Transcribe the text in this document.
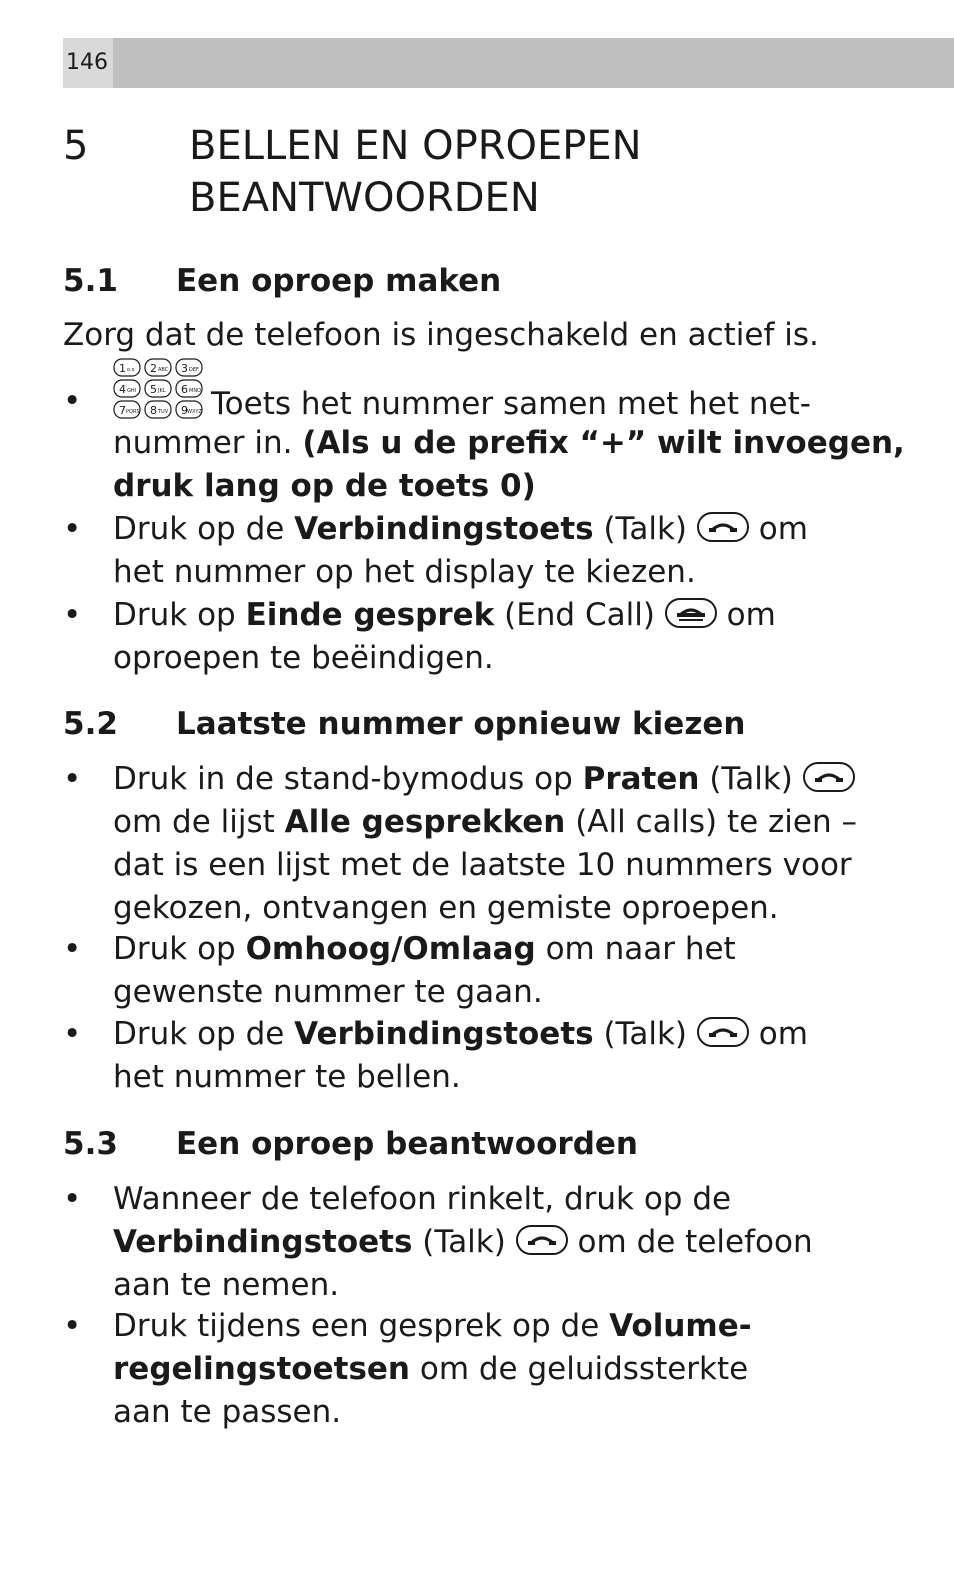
146
5	BELLEN EN OPROEPEN
BEANTWOORDEN
5.1 Een oproep maken
Zorg dat de telefoon is ingeschakeld en actief is.
•
1 2 3
4 5 6
7 8 9
o.o	ABC	DEF
GHI	JKL	MNO
PQRS	TUV	WXYZ Toets het nummer samen met het net-
nummer in. (Als u de prefix “+” wilt invoegen,
druk lang op de toets 0)
•	Druk op de Verbindingstoets (Talk)  om
het nummer op het display te kiezen.
•	Druk op Einde gesprek (End Call)  om
oproepen te beëindigen.
5.2 Laatste nummer opnieuw kiezen
•	Druk in de stand-bymodus op Praten (Talk)
om de lijst Alle gesprekken (All calls) te zien –
dat is een lijst met de laatste 10 nummers voor
gekozen, ontvangen en gemiste oproepen.
•	Druk op Omhoog/Omlaag om naar het
gewenste nummer te gaan.
•	Druk op de Verbindingstoets (Talk)  om
het nummer te bellen.
5.3 Een oproep beantwoorden
•	Wanneer de telefoon rinkelt, druk op de
Verbindingstoets (Talk)  om de telefoon
aan te nemen.
•	Druk tijdens een gesprek op de Volume-
regelingstoetsen om de geluidssterkte
aan te passen.
